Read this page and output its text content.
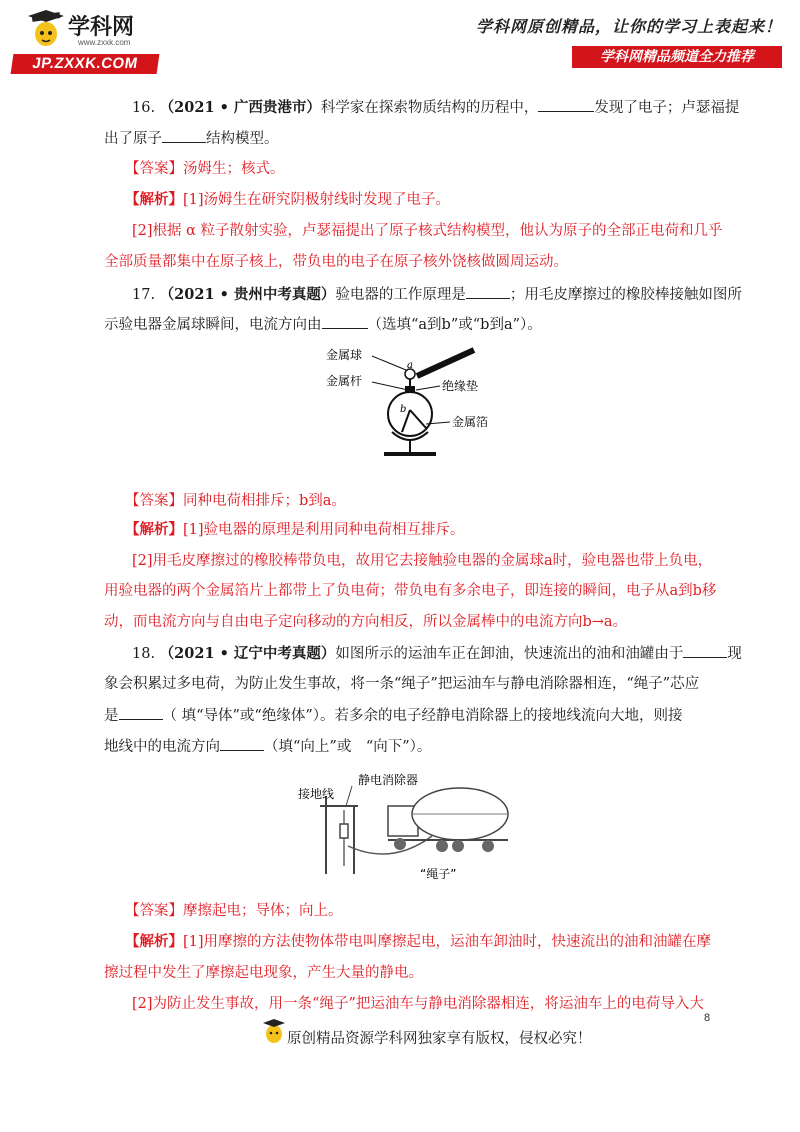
学科网
www.zxxk.com
JP.ZXXK.COM
学科网原创精品，让你的学习上表起来！
学科网精品频道全力推荐
16. （2021 • 广西贵港市）科学家在探索物质结构的历程中，	发现了电子；卢瑟福提
出了原子	结构模型。
【答案】汤姆生；核式。
【解析】[1]汤姆生在研究阴极射线时发现了电子。
[2]根据 α 粒子散射实验，卢瑟福提出了原子核式结构模型，他认为原子的全部正电荷和几乎
全部质量都集中在原子核上，带负电的电子在原子核外饶核做圆周运动。
17. （2021 • 贵州中考真题）验电器的工作原理是	；用毛皮摩擦过的橡胶棒接触如图所
示验电器金属球瞬间，电流方向由	（选填“a到b”或“b到a”）。
金属球
金属杆	绝缘垫
金属箔
a
b
【答案】同种电荷相排斥；b到a。
【解析】[1]验电器的原理是利用同种电荷相互排斥。
[2]用毛皮摩擦过的橡胶棒带负电，故用它去接触验电器的金属球a时，验电器也带上负电，
用验电器的两个金属箔片上都带上了负电荷；带负电有多余电子，即连接的瞬间，电子从a到b移
动，而电流方向与自由电子定向移动的方向相反，所以金属棒中的电流方向b→a。
18. （2021 • 辽宁中考真题）如图所示的运油车正在卸油，快速流出的油和油罐由于	现
象会积累过多电荷，为防止发生事故，将一条“绳子”把运油车与静电消除器相连，“绳子”芯应
是	（ 填“导体”或“绝缘体”）。若多余的电子经静电消除器上的接地线流向大地，则接
地线中的电流方向	（填“向上”或　“向下”）。
静电消除器
接地线
“绳子”
【答案】摩擦起电；导体；向上。
【解析】[1]用摩擦的方法使物体带电叫摩擦起电，运油车卸油时，快速流出的油和油罐在摩
擦过程中发生了摩擦起电现象，产生大量的静电。
[2]为防止发生事故，用一条“绳子”把运油车与静电消除器相连，将运油车上的电荷导入大
8
原创精品资源学科网独家享有版权，侵权必究！
